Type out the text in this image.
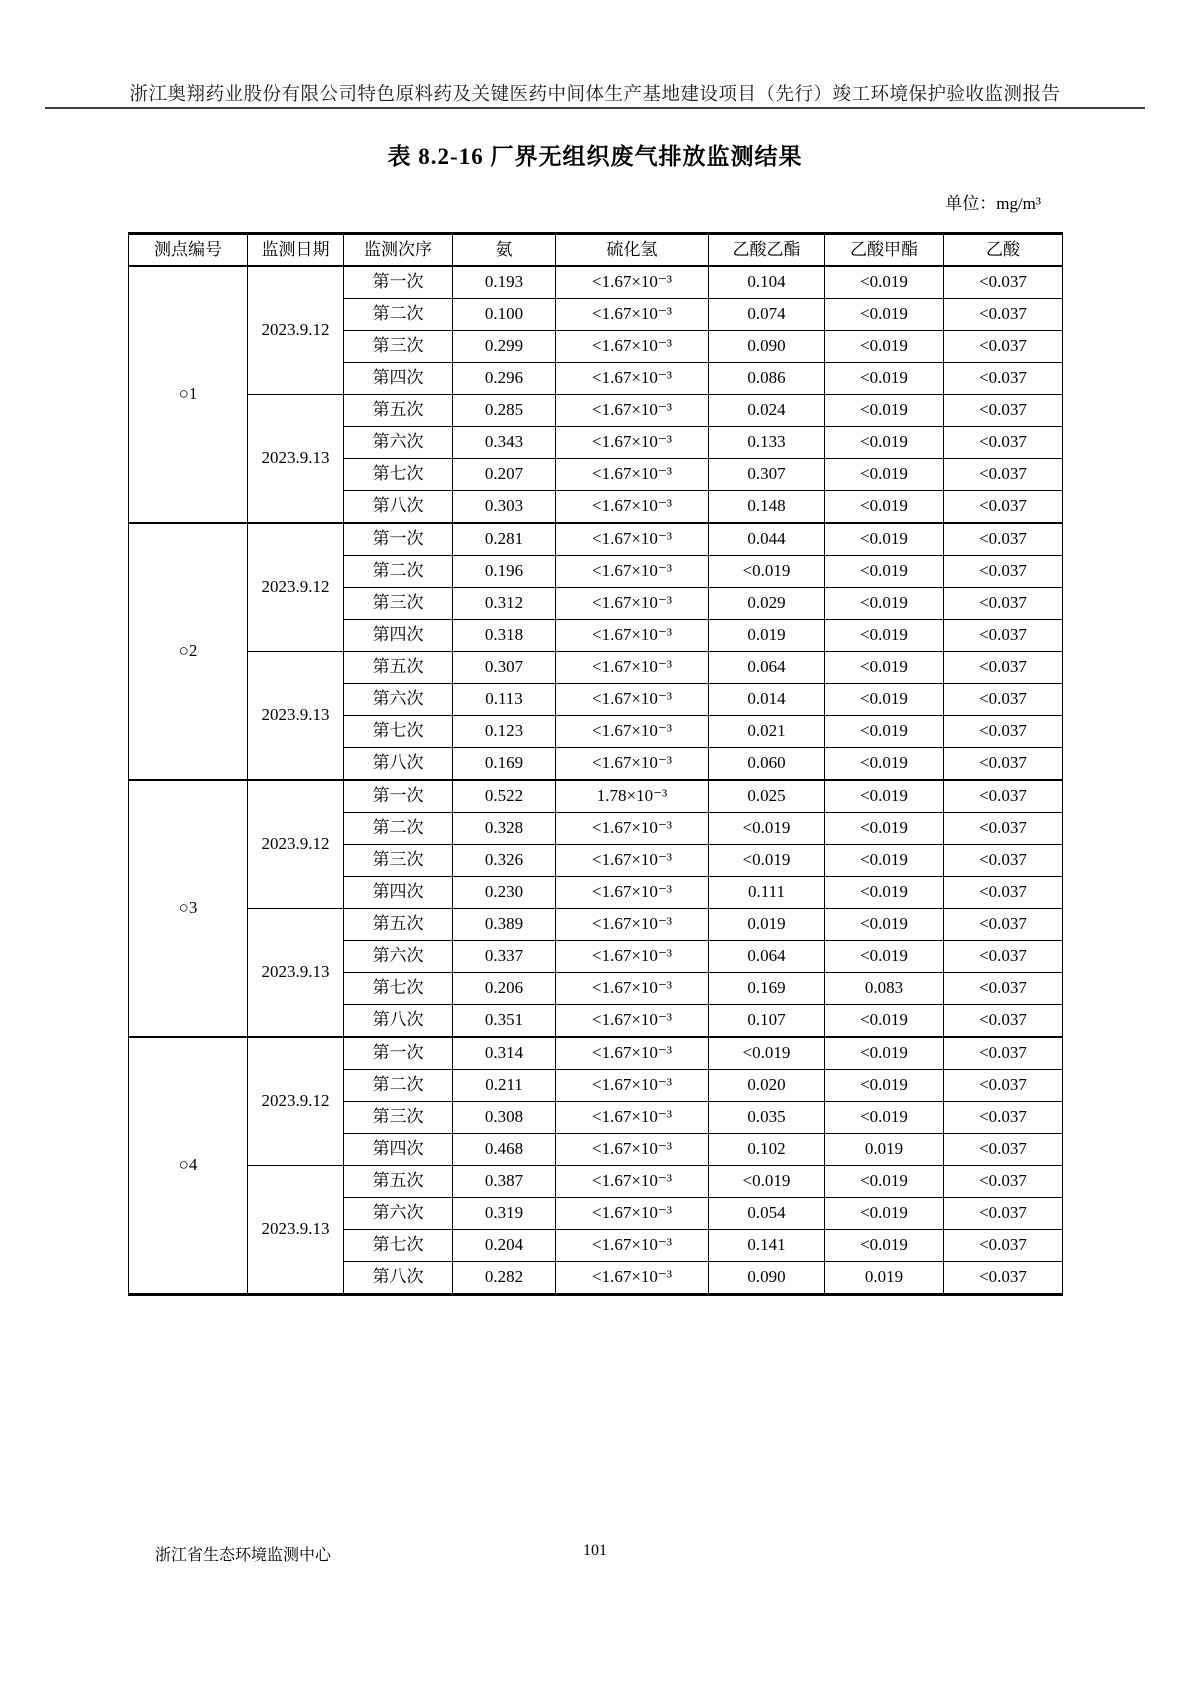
浙江奥翔药业股份有限公司特色原料药及关键医药中间体生产基地建设项目（先行）竣工环境保护验收监测报告
表 8.2-16 厂界无组织废气排放监测结果
单位：mg/m³
测点编号	监测日期	监测次序	氨	硫化氢	乙酸乙酯	乙酸甲酯	乙酸
○1	2023.9.12	第一次	0.193	<1.67×10⁻³	0.104	<0.019	<0.037
		第二次	0.100	<1.67×10⁻³	0.074	<0.019	<0.037
		第三次	0.299	<1.67×10⁻³	0.090	<0.019	<0.037
		第四次	0.296	<1.67×10⁻³	0.086	<0.019	<0.037
	2023.9.13	第五次	0.285	<1.67×10⁻³	0.024	<0.019	<0.037
		第六次	0.343	<1.67×10⁻³	0.133	<0.019	<0.037
		第七次	0.207	<1.67×10⁻³	0.307	<0.019	<0.037
		第八次	0.303	<1.67×10⁻³	0.148	<0.019	<0.037
○2	2023.9.12	第一次	0.281	<1.67×10⁻³	0.044	<0.019	<0.037
		第二次	0.196	<1.67×10⁻³	<0.019	<0.019	<0.037
		第三次	0.312	<1.67×10⁻³	0.029	<0.019	<0.037
		第四次	0.318	<1.67×10⁻³	0.019	<0.019	<0.037
	2023.9.13	第五次	0.307	<1.67×10⁻³	0.064	<0.019	<0.037
		第六次	0.113	<1.67×10⁻³	0.014	<0.019	<0.037
		第七次	0.123	<1.67×10⁻³	0.021	<0.019	<0.037
		第八次	0.169	<1.67×10⁻³	0.060	<0.019	<0.037
○3	2023.9.12	第一次	0.522	1.78×10⁻³	0.025	<0.019	<0.037
		第二次	0.328	<1.67×10⁻³	<0.019	<0.019	<0.037
		第三次	0.326	<1.67×10⁻³	<0.019	<0.019	<0.037
		第四次	0.230	<1.67×10⁻³	0.111	<0.019	<0.037
	2023.9.13	第五次	0.389	<1.67×10⁻³	0.019	<0.019	<0.037
		第六次	0.337	<1.67×10⁻³	0.064	<0.019	<0.037
		第七次	0.206	<1.67×10⁻³	0.169	0.083	<0.037
		第八次	0.351	<1.67×10⁻³	0.107	<0.019	<0.037
○4	2023.9.12	第一次	0.314	<1.67×10⁻³	<0.019	<0.019	<0.037
		第二次	0.211	<1.67×10⁻³	0.020	<0.019	<0.037
		第三次	0.308	<1.67×10⁻³	0.035	<0.019	<0.037
		第四次	0.468	<1.67×10⁻³	0.102	0.019	<0.037
	2023.9.13	第五次	0.387	<1.67×10⁻³	<0.019	<0.019	<0.037
		第六次	0.319	<1.67×10⁻³	0.054	<0.019	<0.037
		第七次	0.204	<1.67×10⁻³	0.141	<0.019	<0.037
		第八次	0.282	<1.67×10⁻³	0.090	0.019	<0.037
浙江省生态环境监测中心	101
